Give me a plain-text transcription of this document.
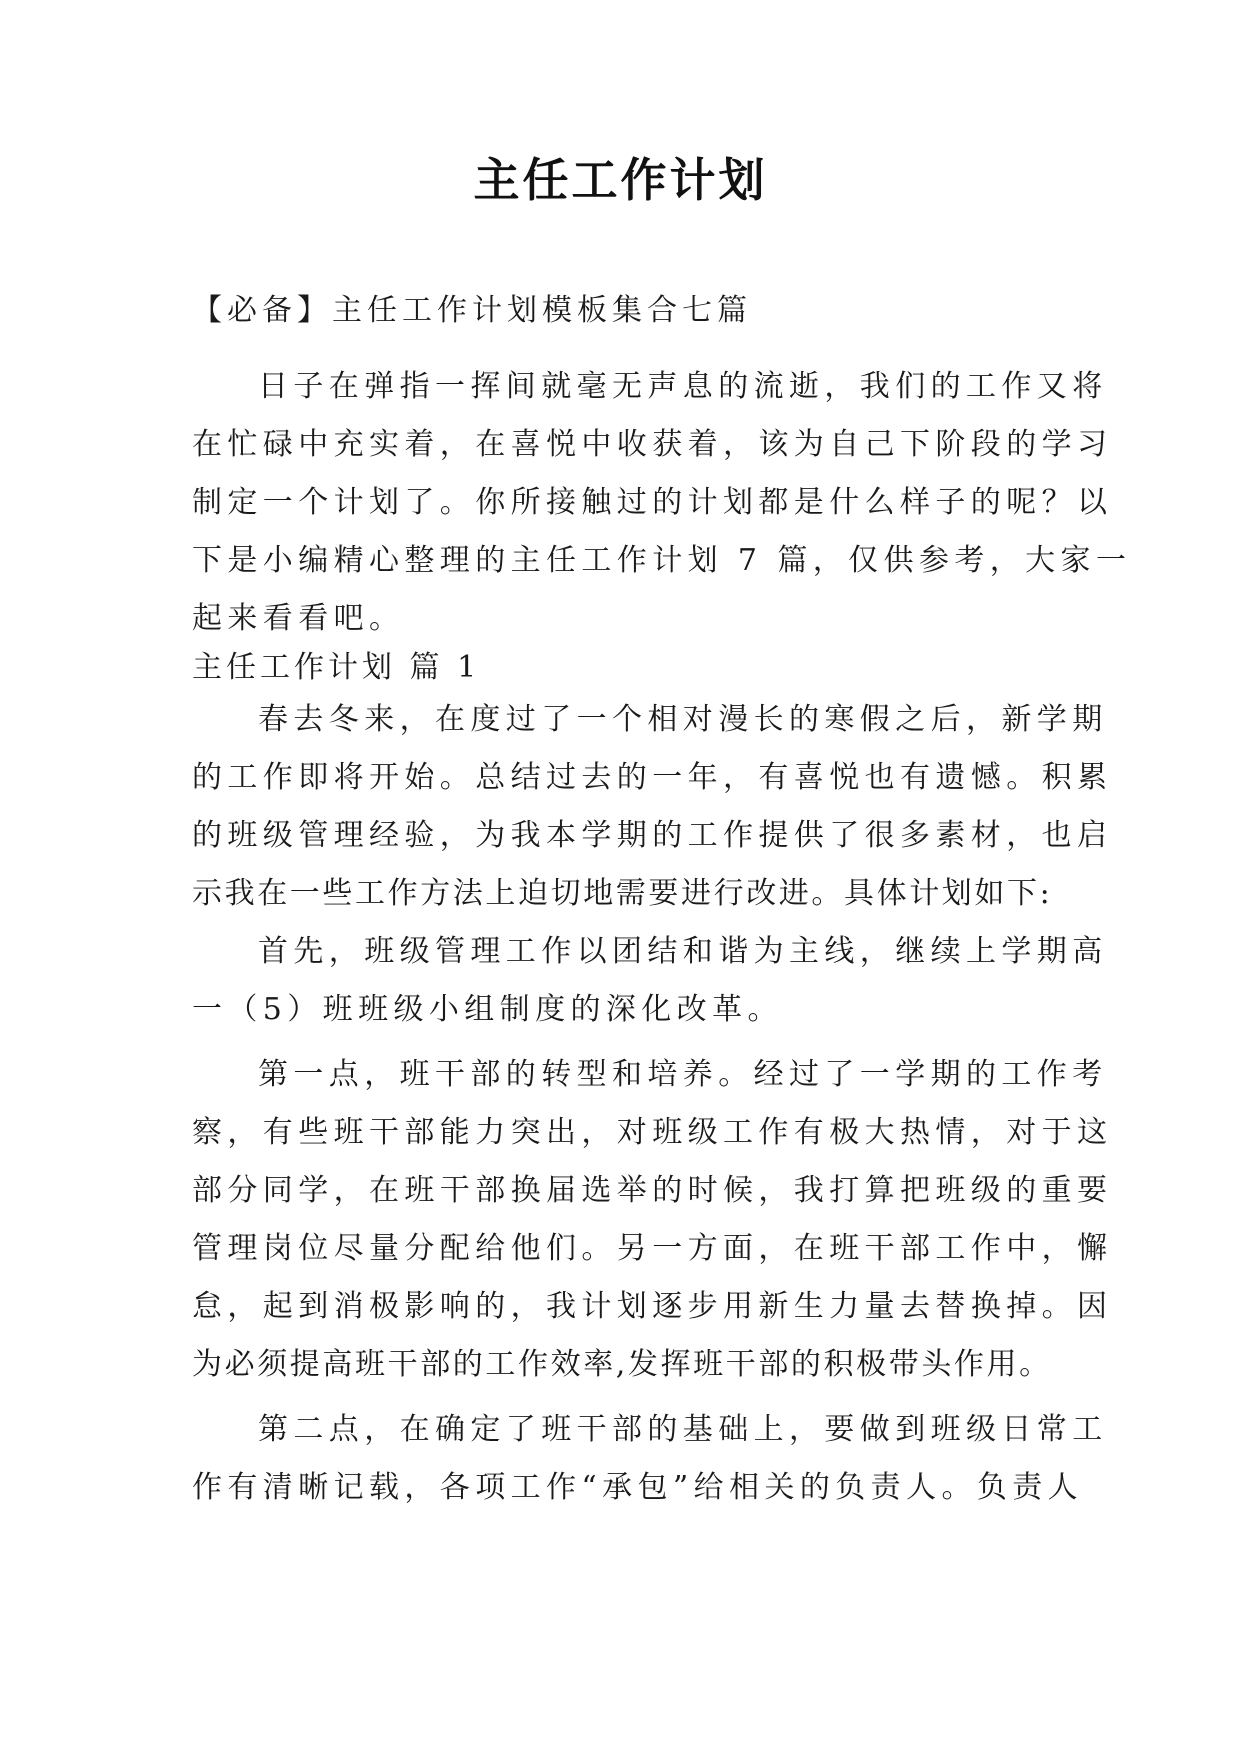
主任工作计划
【必备】主任工作计划模板集合七篇
日子在弹指一挥间就毫无声息的流逝，我们的工作又将
在忙碌中充实着，在喜悦中收获着，该为自己下阶段的学习
制定一个计划了。你所接触过的计划都是什么样子的呢？以
下是小编精心整理的主任工作计划 7 篇，仅供参考，大家一
起来看看吧。
主任工作计划 篇 1
春去冬来，在度过了一个相对漫长的寒假之后，新学期
的工作即将开始。总结过去的一年，有喜悦也有遗憾。积累
的班级管理经验，为我本学期的工作提供了很多素材，也启
示我在一些工作方法上迫切地需要进行改进。具体计划如下:
首先，班级管理工作以团结和谐为主线，继续上学期高
一（5）班班级小组制度的深化改革。
第一点，班干部的转型和培养。经过了一学期的工作考
察，有些班干部能力突出，对班级工作有极大热情，对于这
部分同学，在班干部换届选举的时候，我打算把班级的重要
管理岗位尽量分配给他们。另一方面，在班干部工作中，懈
怠，起到消极影响的，我计划逐步用新生力量去替换掉。因
为必须提高班干部的工作效率,发挥班干部的积极带头作用。
第二点，在确定了班干部的基础上，要做到班级日常工
作有清晰记载，各项工作“承包”给相关的负责人。负责人
